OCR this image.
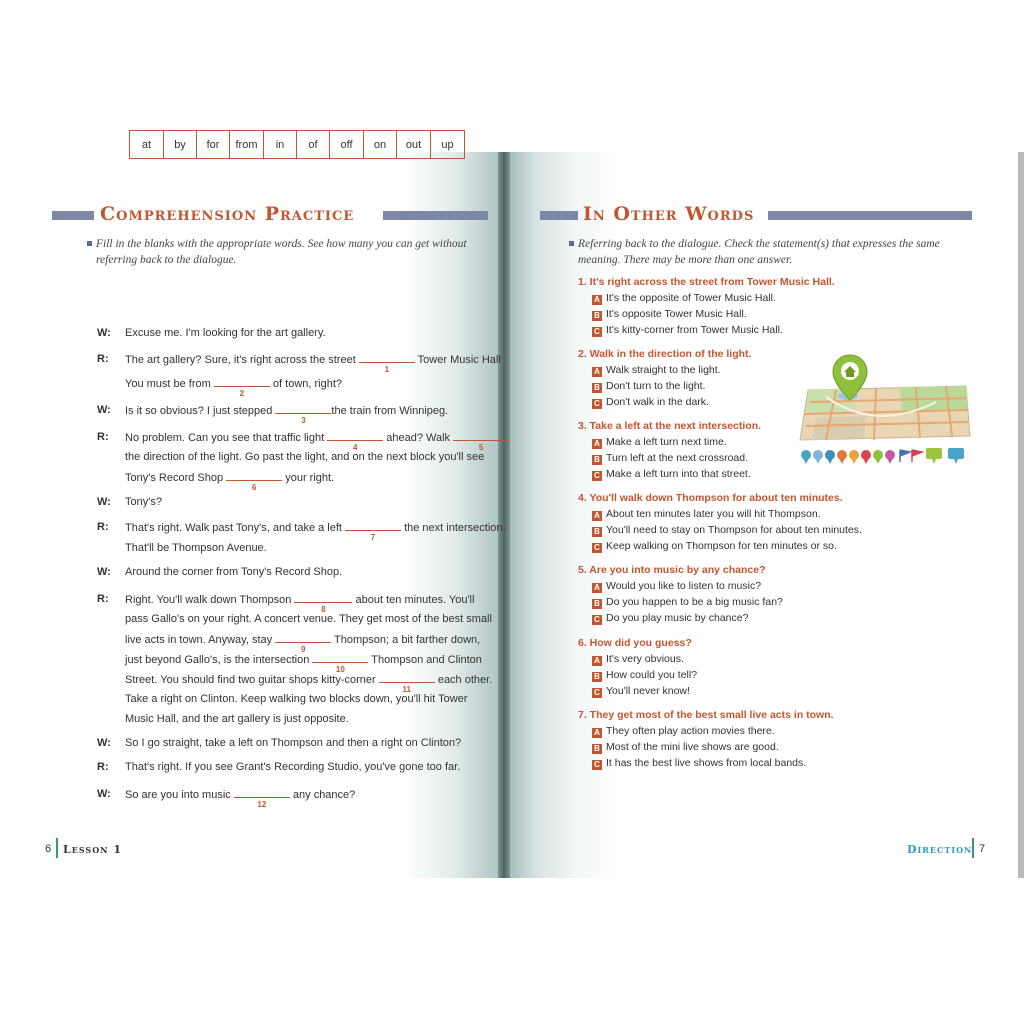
Comprehension Practice
Fill in the blanks with the appropriate words. See how many you can get without referring back to the dialogue.
at	by	for	from	in	of	off	on	out	up
W: Excuse me. I'm looking for the art gallery.
R: The art gallery? Sure, it's right across the street
1
Tower Music Hall
You must be from
2
of town, right?
W: Is it so obvious? I just stepped
3
the train from Winnipeg.
R: No problem. Can you see that traffic light
4
ahead? Walk
5
the direction of the light. Go past the light, and on the next block you'll see
Tony's Record Shop
6
your right.
W: Tony's?
R: That's right. Walk past Tony's, and take a left
7
the next intersection.
That'll be Thompson Avenue.
W: Around the corner from Tony's Record Shop.
R: Right. You'll walk down Thompson
8
about ten minutes. You'll
pass Gallo's on your right. A concert venue. They get most of the best small
live acts in town. Anyway, stay
9
Thompson; a bit farther down,
just beyond Gallo's, is the intersection
10
Thompson and Clinton
Street. You should find two guitar shops kitty-corner
11
each other.
Take a right on Clinton. Keep walking two blocks down, you'll hit Tower
Music Hall, and the art gallery is just opposite.
W: So I go straight, take a left on Thompson and then a right on Clinton?
R: That's right. If you see Grant's Recording Studio, you've gone too far.
W: So are you into music
12
any chance?
6 Lesson 1
In Other Words
Referring back to the dialogue. Check the statement(s) that expresses the same meaning. There may be more than one answer.
1. It's right across the street from Tower Music Hall.
A It's the opposite of Tower Music Hall.
B It's opposite Tower Music Hall.
C It's kitty-corner from Tower Music Hall.
2. Walk in the direction of the light.
A Walk straight to the light.
B Don't turn to the light.
C Don't walk in the dark.
3. Take a left at the next intersection.
A Make a left turn next time.
B Turn left at the next crossroad.
C Make a left turn into that street.
4. You'll walk down Thompson for about ten minutes.
A About ten minutes later you will hit Thompson.
B You'll need to stay on Thompson for about ten minutes.
C Keep walking on Thompson for ten minutes or so.
5. Are you into music by any chance?
A Would you like to listen to music?
B Do you happen to be a big music fan?
C Do you play music by chance?
6. How did you guess?
A It's very obvious.
B How could you tell?
C You'll never know!
7. They get most of the best small live acts in town.
A They often play action movies there.
B Most of the mini live shows are good.
C It has the best live shows from local bands.
Direction 7
